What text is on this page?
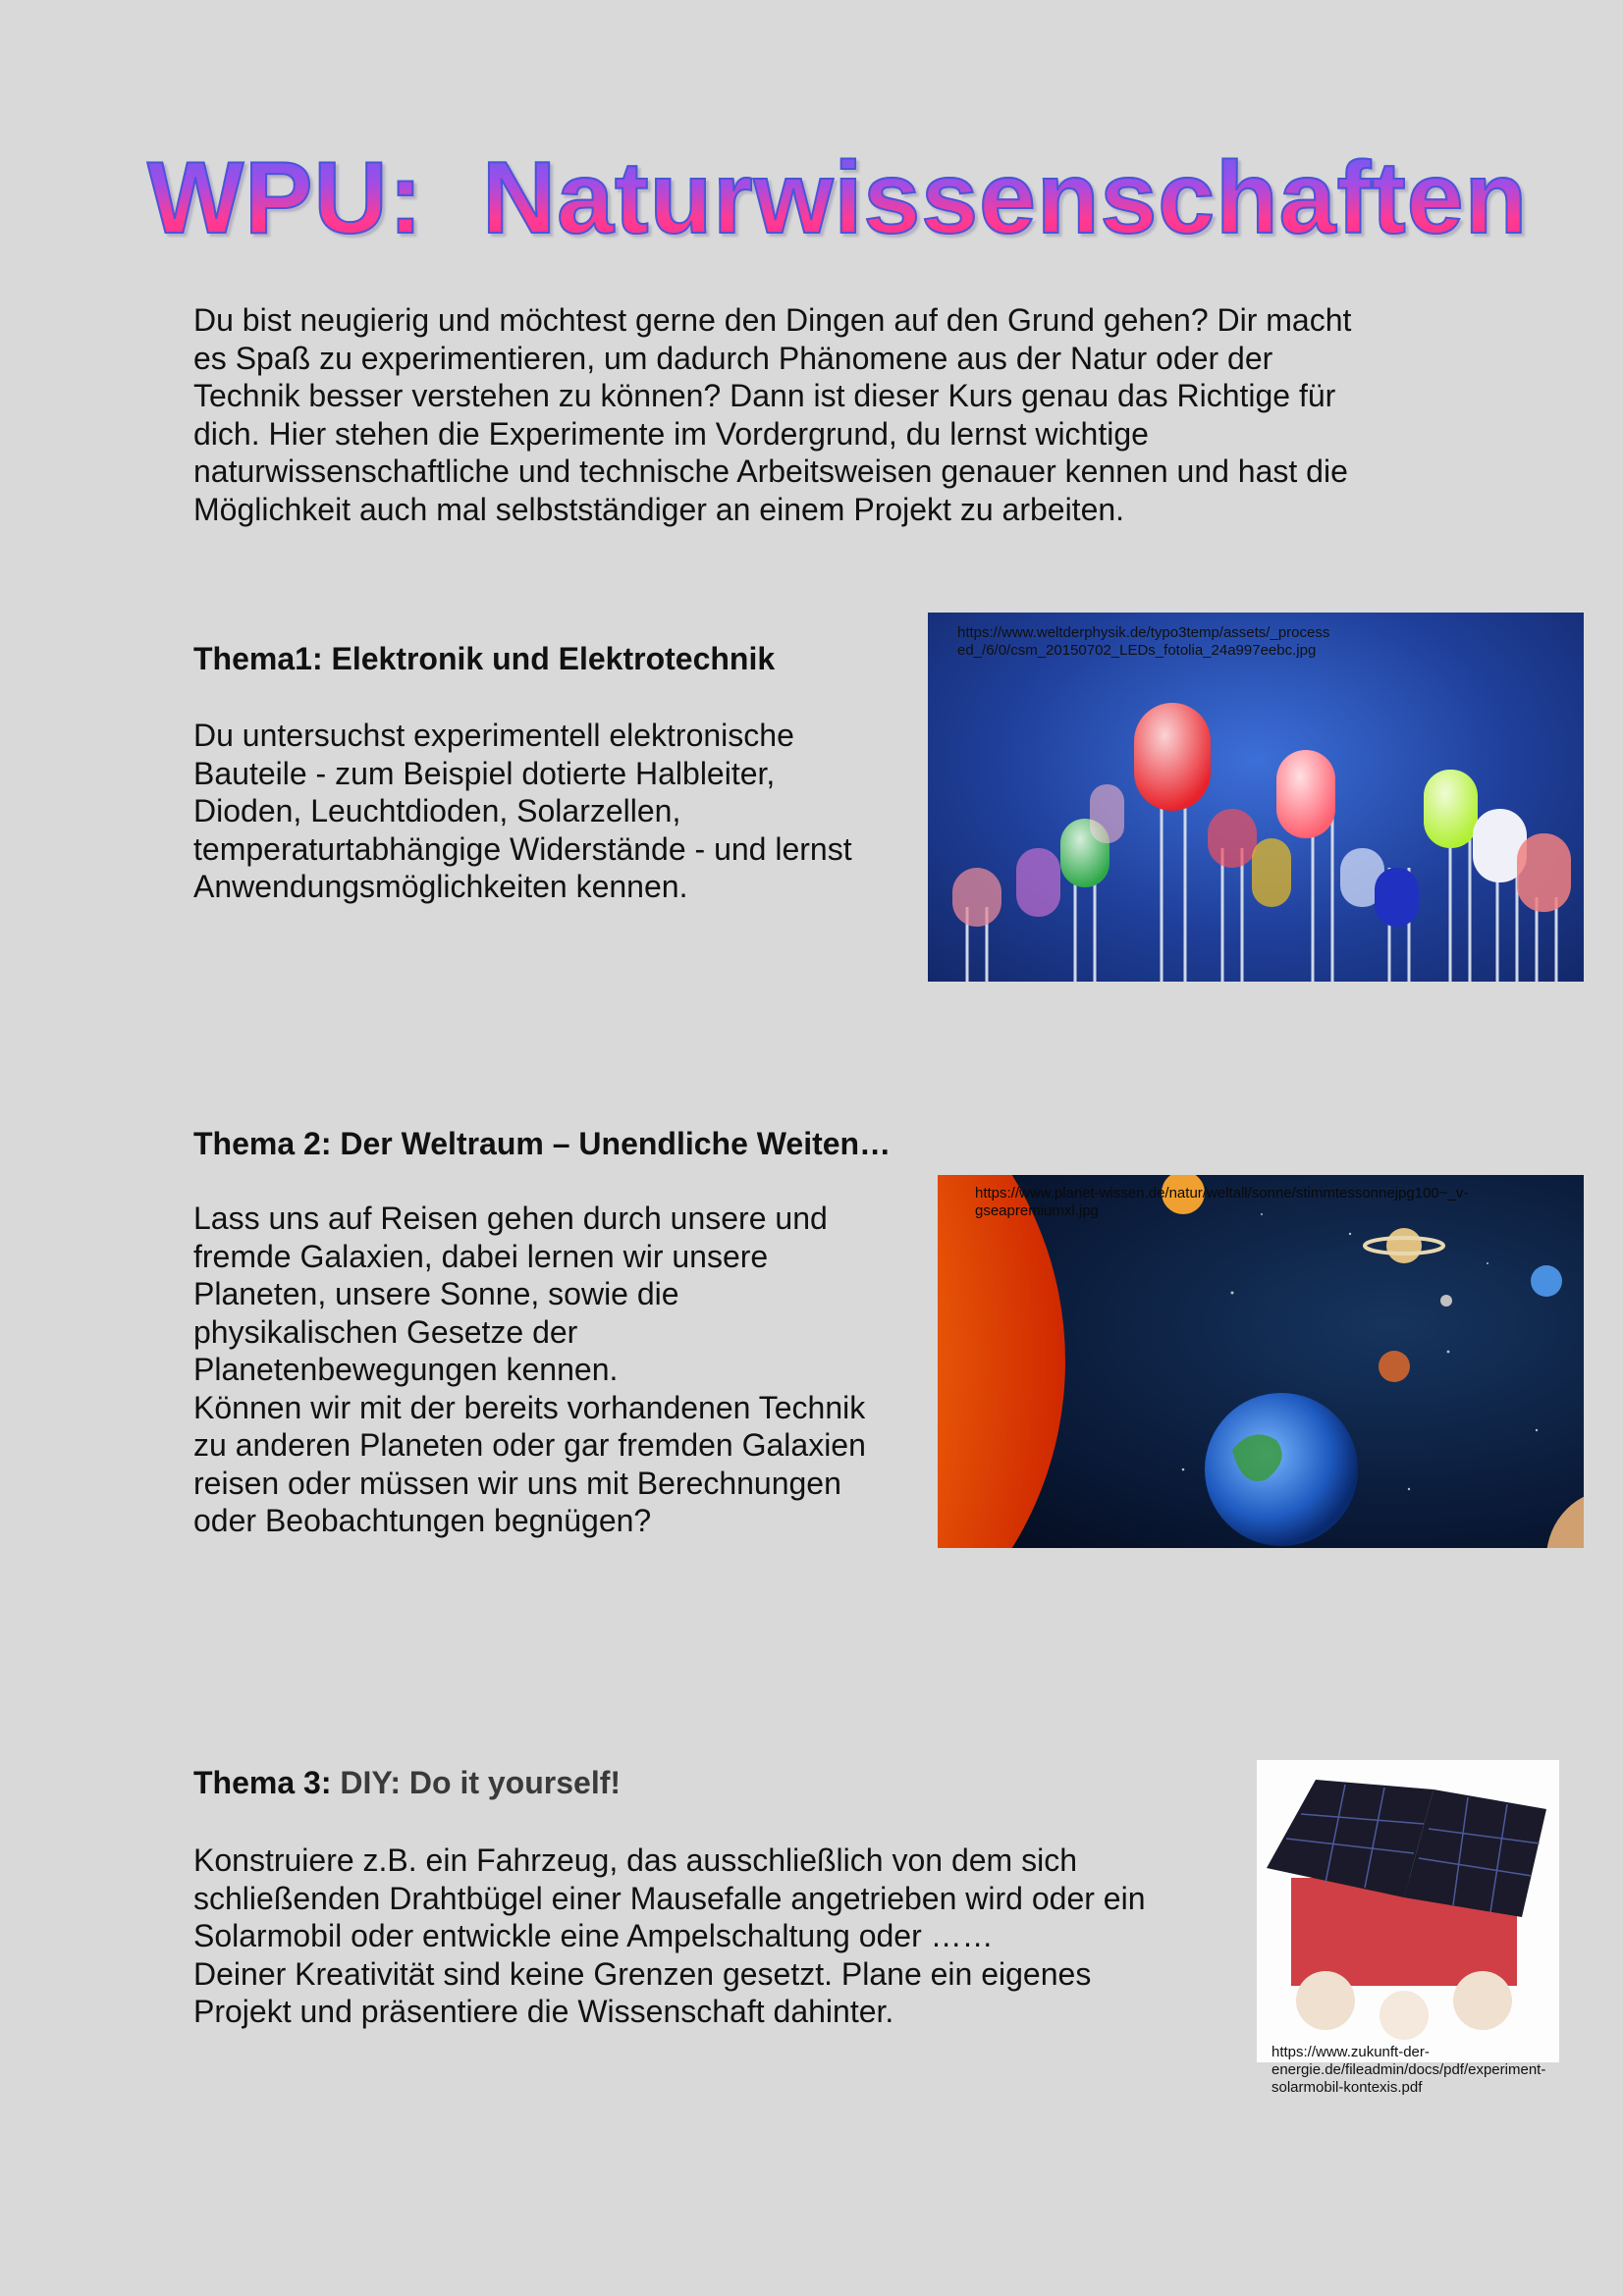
WPU:  Naturwissenschaften

Du bist neugierig und möchtest gerne den Dingen auf den Grund gehen? Dir macht
es Spaß zu experimentieren, um dadurch Phänomene aus der Natur oder der
Technik besser verstehen zu können? Dann ist dieser Kurs genau das Richtige für
dich. Hier stehen die Experimente im Vordergrund, du lernst wichtige
naturwissenschaftliche und technische Arbeitsweisen genauer kennen und hast die
Möglichkeit auch mal selbstständiger an einem Projekt zu arbeiten.

Thema1: Elektronik und Elektrotechnik

Du untersuchst experimentell elektronische
Bauteile - zum Beispiel dotierte Halbleiter,
Dioden, Leuchtdioden, Solarzellen,
temperaturtabhängige Widerstände - und lernst
Anwendungsmöglichkeiten kennen.

https://www.weltderphysik.de/typo3temp/assets/_process
ed_/6/0/csm_20150702_LEDs_fotolia_24a997eebc.jpg

Thema 2: Der Weltraum – Unendliche Weiten…

Lass uns auf Reisen gehen durch unsere und
fremde Galaxien, dabei lernen wir unsere
Planeten, unsere Sonne, sowie die
physikalischen Gesetze der
Planetenbewegungen kennen.
Können wir mit der bereits vorhandenen Technik
zu anderen Planeten oder gar fremden Galaxien
reisen oder müssen wir uns mit Berechnungen
oder Beobachtungen begnügen?

https://www.planet-wissen.de/natur/weltall/sonne/stimmtessonnejpg100~_v-
gseapremiumxl.jpg

Thema 3: DIY: Do it yourself!

Konstruiere z.B. ein Fahrzeug, das ausschließlich von dem sich
schließenden Drahtbügel einer Mausefalle angetrieben wird oder ein
Solarmobil oder entwickle eine Ampelschaltung oder ……
Deiner Kreativität sind keine Grenzen gesetzt. Plane ein eigenes
Projekt und präsentiere die Wissenschaft dahinter.

https://www.zukunft-der-
energie.de/fileadmin/docs/pdf/experiment-
solarmobil-kontexis.pdf
